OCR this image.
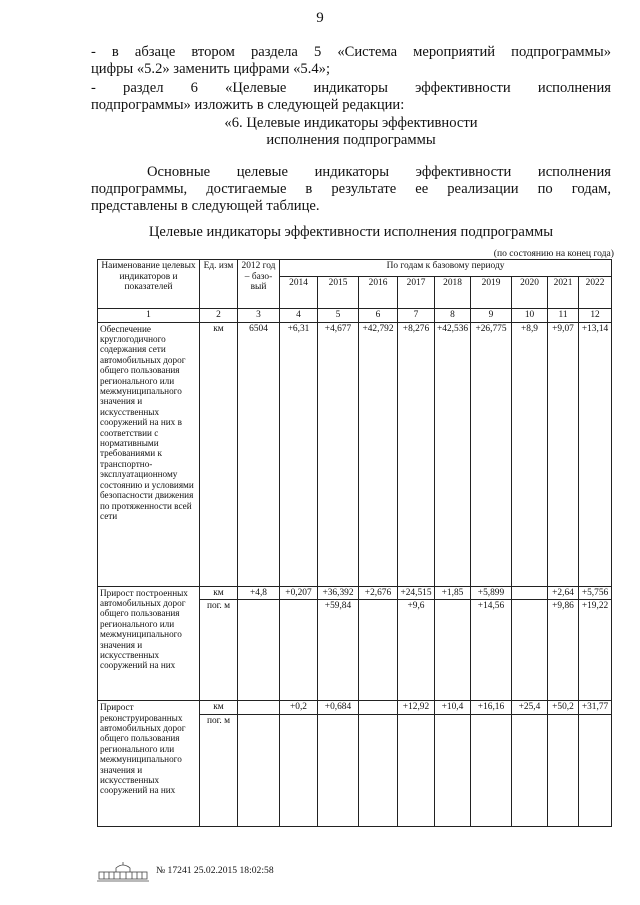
9
- в абзаце втором раздела 5 «Система мероприятий подпрограммы»
цифры «5.2» заменить цифрами «5.4»;
- раздел 6 «Целевые индикаторы эффективности исполнения
подпрограммы» изложить в следующей редакции:
«6. Целевые индикаторы эффективности
исполнения подпрограммы
Основные целевые индикаторы эффективности исполнения
подпрограммы, достигаемые в результате ее реализации по годам,
представлены в следующей таблице.
Целевые индикаторы эффективности исполнения подпрограммы
(по состоянию на конец года)
Наименование целевых индикаторов и показателей	Ед. изм	2012 год – базо-вый	По годам к базовому периоду								
			2014	2015	2016	2017	2018	2019	2020	2021	2022
1	2	3	4	5	6	7	8	9	10	11	12
Обеспечение круглогодичного содержания сети автомобильных дорог общего пользования регионального или межмуниципального значения и искусственных сооружений на них в соответствии с нормативными требованиями к транспортно-эксплуатационному состоянию и условиями безопасности движения по протяженности всей сети	км	6504	+6,31	+4,677	+42,792	+8,276	+42,536	+26,775	+8,9	+9,07	+13,14
Прирост построенных автомобильных дорог общего пользования регионального или межмуниципального значения и искусственных сооружений на них	км	+4,8	+0,207	+36,392	+2,676	+24,515	+1,85	+5,899		+2,64	+5,756
	пог. м			+59,84		+9,6		+14,56		+9,86	+19,22
Прирост реконструированных автомобильных дорог общего пользования регионального или межмуниципального значения и искусственных сооружений на них	км		+0,2	+0,684		+12,92	+10,4	+16,16	+25,4	+50,2	+31,77
	пог. м										
№ 17241 25.02.2015 18:02:58
